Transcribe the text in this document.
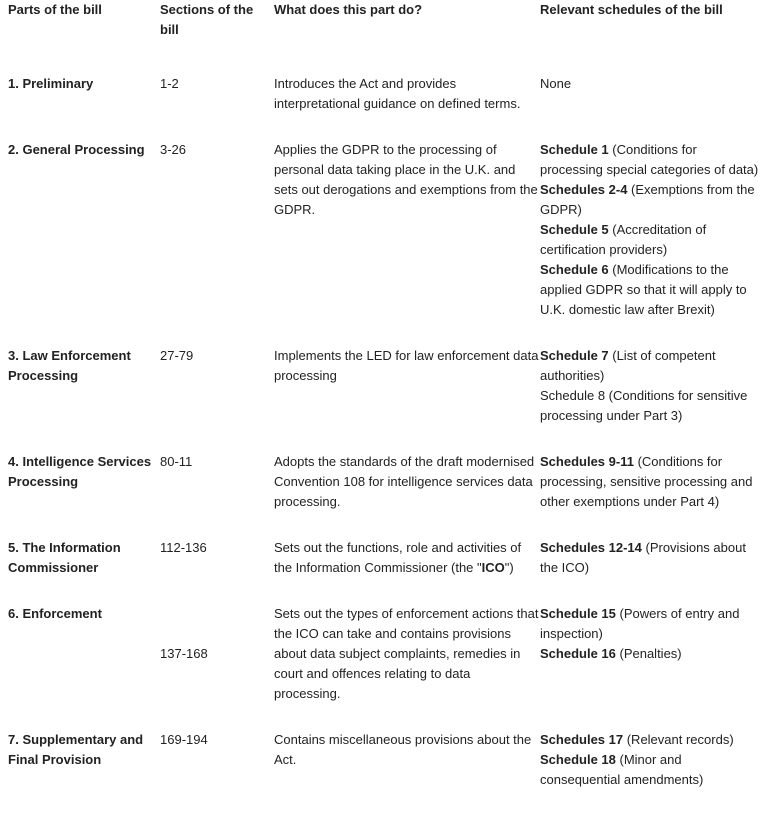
Parts of the bill	Sections of the bill	What does this part do?	Relevant schedules of the bill
1. Preliminary	1-2	Introduces the Act and provides interpretational guidance on defined terms.	None

2. General Processing	3-26	Applies the GDPR to the processing of personal data taking place in the U.K. and sets out derogations and exemptions from the GDPR.	Schedule 1 (Conditions for processing special categories of data)
Schedules 2-4 (Exemptions from the GDPR)
Schedule 5 (Accreditation of certification providers)
Schedule 6 (Modifications to the applied GDPR so that it will apply to U.K. domestic law after Brexit)

3. Law Enforcement Processing	27-79	Implements the LED for law enforcement data processing	Schedule 7 (List of competent authorities)
Schedule 8 (Conditions for sensitive processing under Part 3)

4. Intelligence Services Processing	80-11	Adopts the standards of the draft modernised Convention 108 for intelligence services data processing.	Schedules 9-11 (Conditions for processing, sensitive processing and other exemptions under Part 4)

5. The Information Commissioner	112-136	Sets out the functions, role and activities of the Information Commissioner (the "ICO")	Schedules 12-14 (Provisions about the ICO)

6. Enforcement	137-168	Sets out the types of enforcement actions that the ICO can take and contains provisions about data subject complaints, remedies in court and offences relating to data processing.	Schedule 15 (Powers of entry and inspection)
Schedule 16 (Penalties)

7. Supplementary and Final Provision	169-194	Contains miscellaneous provisions about the Act.	Schedules 17 (Relevant records)
Schedule 18 (Minor and consequential amendments)
